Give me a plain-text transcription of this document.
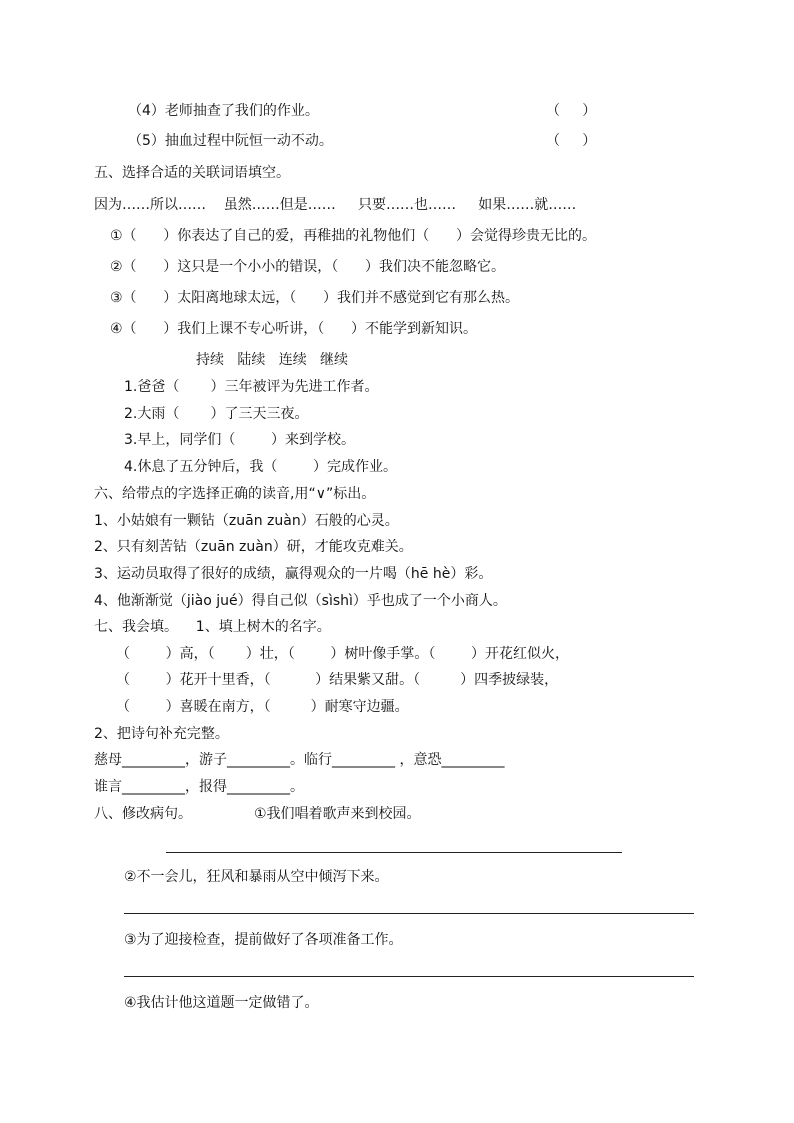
（4）老师抽查了我们的作业。	（     ）
（5）抽血过程中阮恒一动不动。	（     ）
五、选择合适的关联词语填空。
因为……所以……    虽然……但是……     只要……也……     如果……就……
①（      ）你表达了自己的爱，再稚拙的礼物他们（      ）会觉得珍贵无比的。
②（      ）这只是一个小小的错误，（      ）我们决不能忽略它。
③（      ）太阳离地球太远，（      ）我们并不感觉到它有那么热。
④（      ）我们上课不专心听讲，（      ）不能学到新知识。
持续   陆续   连续   继续
1.爸爸（       ）三年被评为先进工作者。
2.大雨（       ）了三天三夜。
3.早上，同学们（        ）来到学校。
4.休息了五分钟后，我（        ）完成作业。
六、给带点的字选择正确的读音,用“∨”标出。
1、小姑娘有一颗钻（zuān zuàn）石般的心灵。
2、只有刻苦钻（zuān zuàn）研，才能攻克难关。
3、运动员取得了很好的成绩，赢得观众的一片喝（hē hè）彩。
4、他渐渐觉（jiào jué）得自己似（sìshì）乎也成了一个小商人。
七、我会填。    1、填上树木的名字。
（        ）高，（       ）壮，（        ）树叶像手掌。（        ）开花红似火，
（        ）花开十里香，（          ）结果紫又甜。（         ）四季披绿装，
（        ）喜暖在南方，（         ）耐寒守边疆。
2、把诗句补充完整。
慈母_________，游子_________。临行_________ ，意恐_________
谁言_________，报得_________。
八、修改病句。	①我们唱着歌声来到校园。
②不一会儿，狂风和暴雨从空中倾泻下来。
③为了迎接检查，提前做好了各项准备工作。
④我估计他这道题一定做错了。
